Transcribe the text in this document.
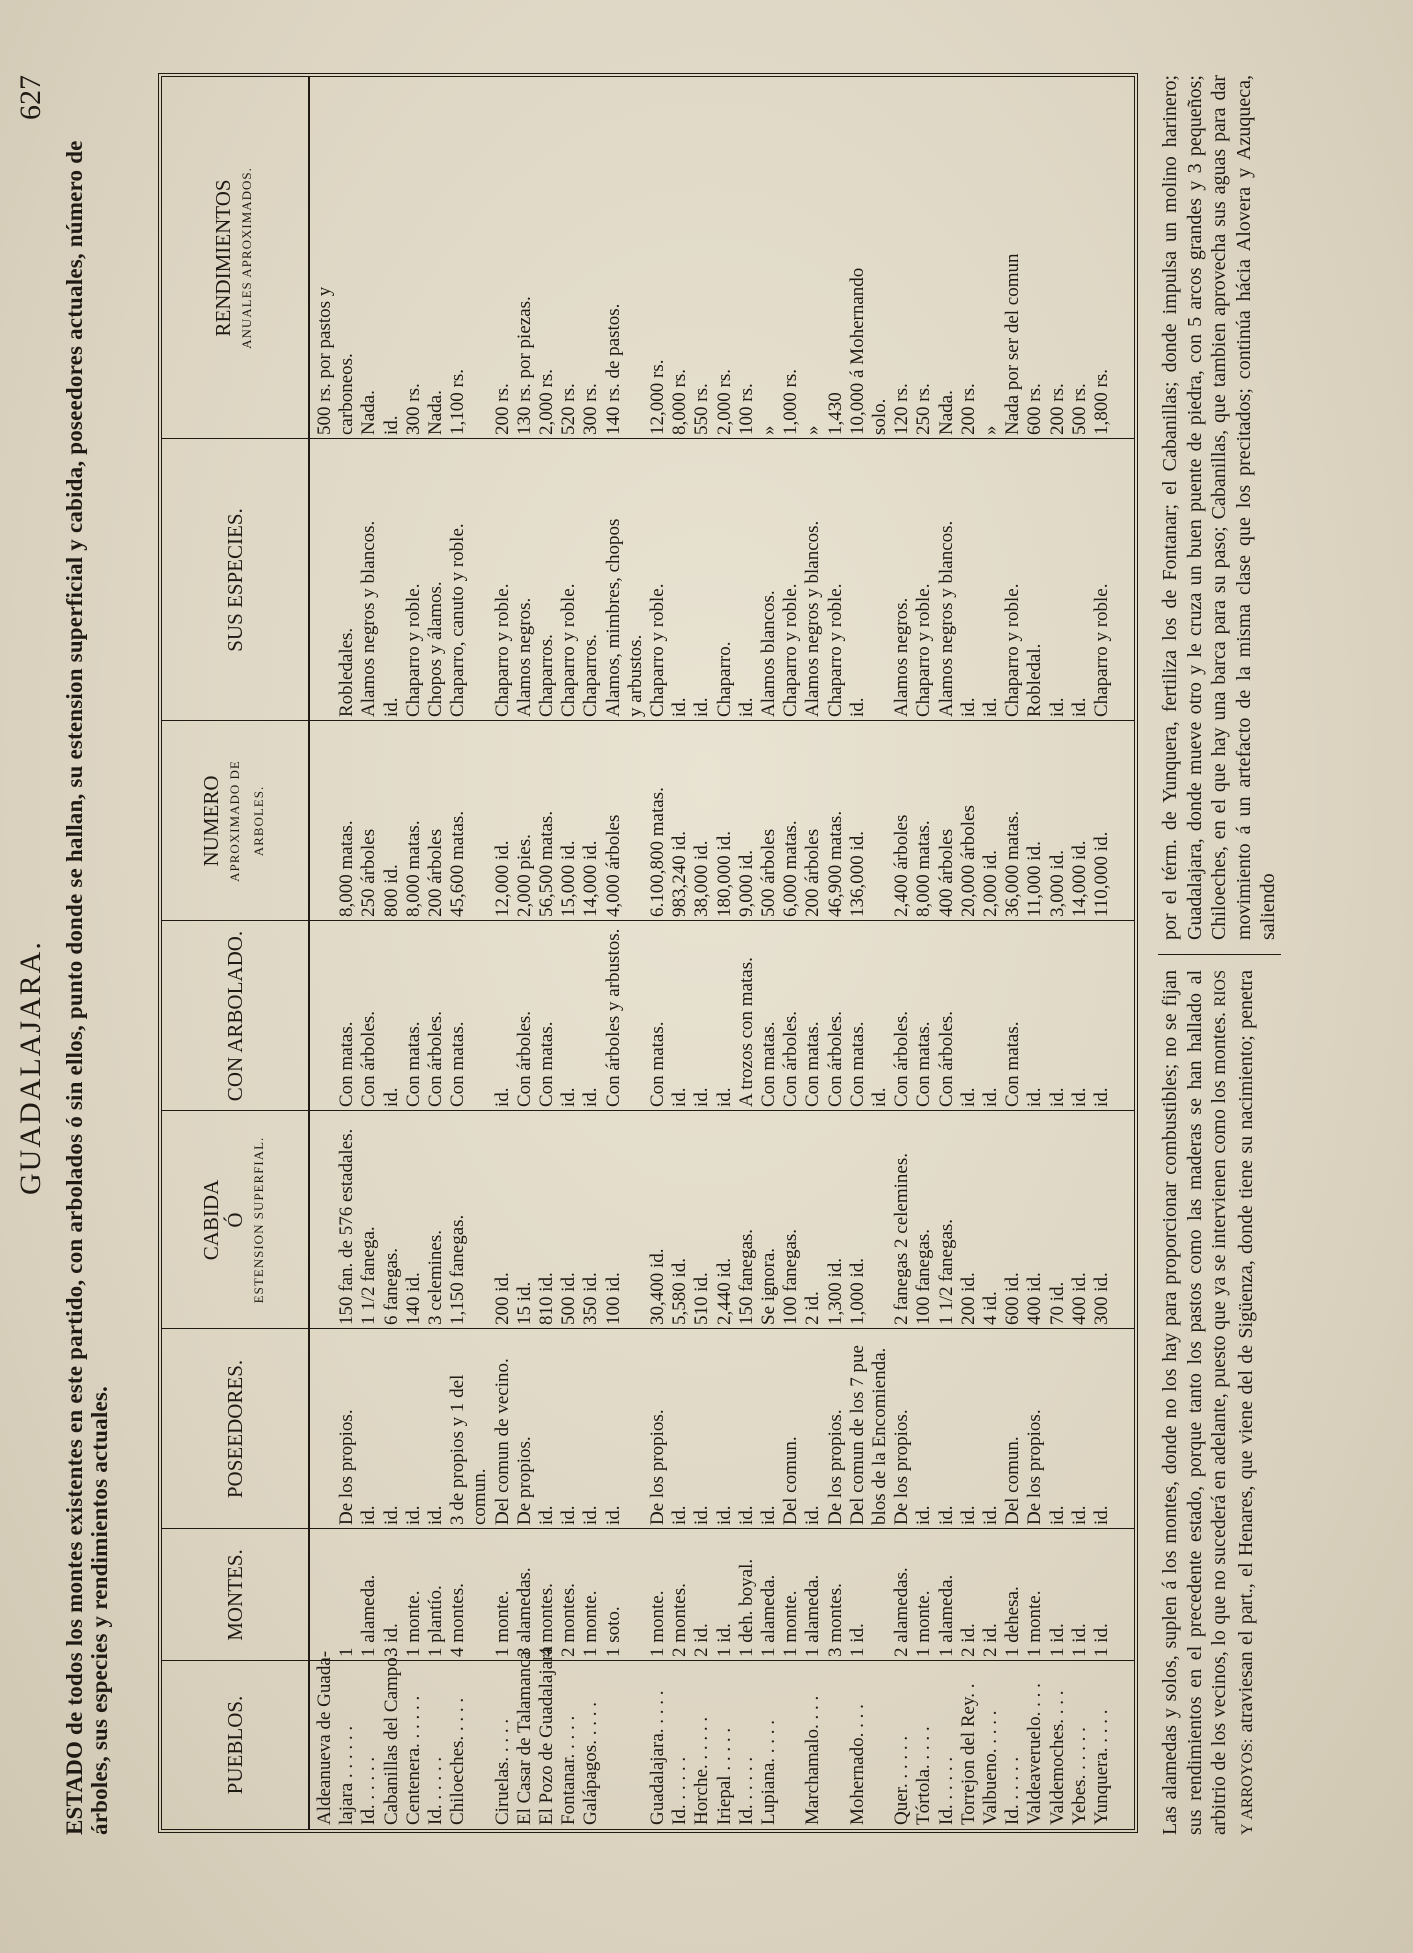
GUADALAJARA.
627
ESTADO de todos los montes existentes en este partido, con arbolados ó sin ellos, punto donde se hallan, su estension superficial y cabida, poseedores actuales, número de árboles, sus especies y rendimientos actuales.	PUEBLOS.
MONTES.
POSEEDORES.
CABIDA Ó ESTENSION SUPERFIAL.
CON ARBOLADO.
NUMERO APROXIMADO DE ARBOLES.
SUS ESPECIES.
RENDIMIENTOS ANUALES APROXIMADOS.
Aldeanueva de Guada-
500 rs. por pastos y
lajara . . . . . .
1
De los propios.
150 fan. de 576 estadales.
Con matas.
8,000 matas.
Robledales.
carboneos.
Id. . . . . .
1 alameda.
id.
1 1/2 fanega.
Con árboles.
250 árboles
Alamos negros y blancos.
Nada.
Cabanillas del Campo.
3 id.
id.
6 fanegas.
id.
800 id.
id.
id.
Centenera. . . . . .
1 monte.
id.
140 id.
Con matas.
8,000 matas.
Chaparro y roble.
300 rs.
Id. . . . . .
1 plantío.
id.
3 celemines.
Con árboles.
200 árboles
Chopos y álamos.
Nada.
Chiloeches. . . . .
4 montes.
3 de propios y 1 del
1,150 fanegas.
Con matas.
45,600 matas.
Chaparro, canuto y roble.
1,100 rs.
comun.
Ciruelas. . . . .
1 monte.
Del comun de vecino.
200 id.
id.
12,000 id.
Chaparro y roble.
200 rs.
El Casar de Talamanca
3 alamedas.
De propios.
15 id.
Con árboles.
2,000 pies.
Alamos negros.
130 rs. por piezas.
El Pozo de Guadalajara
4 montes.
id.
810 id.
Con matas.
56,500 matas.
Chaparros.
2,000 rs.
Fontanar. . . . .
2 montes.
id.
500 id.
id.
15,000 id.
Chaparro y roble.
520 rs.
Galápagos. . . . .
1 monte.
id.
350 id.
id.
14,000 id.
Chaparros.
300 rs.
1 soto.
id.
100 id.
Con árboles y arbustos.
4,000 árboles
Alamos, mimbres, chopos
140 rs. de pastos.
y arbustos.
Guadalajara. . . . .
1 monte.
De los propios.
30,400 id.
Con matas.
6.100,800 matas.
Chaparro y roble.
12,000 rs.
Id. . . . . .
2 montes.
id.
5,580 id.
id.
983,240 id.
id.
8,000 rs.
Horche. . . . . .
2 id.
id.
510 id.
id.
38,000 id.
id.
550 rs.
Iriepal . . . . .
1 id.
id.
2,440 id.
id.
180,000 id.
Chaparro.
2,000 rs.
Id. . . . . .
1 deh. boyal.
id.
150 fanegas.
A trozos con matas.
9,000 id.
id.
100 rs.
Lupiana. . . . .
1 alameda.
id.
Se ignora.
Con matas.
500 árboles
Alamos blancos.
»
1 monte.
Del comun.
100 fanegas.
Con árboles.
6,000 matas.
Chaparro y roble.
1,000 rs.
Marchamalo. . . .
1 alameda.
id.
2 id.
Con matas.
200 árboles
Alamos negros y blancos.
»
3 montes.
De los propios.
1,300 id.
Con árboles.
46,900 matas.
Chaparro y roble.
1,430
Mohernado. . . .
1 id.
Del comun de los 7 pue
1,000 id.
Con matas.
136,000 id.
id.
10,000 á Mohernando
blos de la Encomienda.
id.
solo.
Quer. . . . . .
2 alamedas.
De los propios.
2 fanegas 2 celemines.
Con árboles.
2,400 árboles
Alamos negros.
120 rs.
Tórtola. . . . .
1 monte.
id.
100 fanegas.
Con matas.
8,000 matas.
Chaparro y roble.
250 rs.
Id. . . . . .
1 alameda.
id.
1 1/2 fanegas.
Con árboles.
400 árboles
Alamos negros y blancos.
Nada.
Torrejon del Rey. .
2 id.
id.
200 id.
id.
20,000 árboles
id.
200 rs.
Valbueno. . . . .
2 id.
id.
4 id.
id.
2,000 id.
id.
»
Id. . . . . .
1 dehesa.
Del comun.
600 id.
Con matas.
36,000 matas.
Chaparro y roble.
Nada por ser del comun
Valdeaveruelo. . . .
1 monte.
De los propios.
400 id.
id.
11,000 id.
Robledal.
600 rs.
Valdemoches. . . .
1 id.
id.
70 id.
id.
3,000 id.
id.
200 rs.
Yebes. . . . . .
1 id.
id.
400 id.
id.
14,000 id.
id.
500 rs.
Yunquera. . . . .
1 id.
id.
300 id.
id.
110,000 id.
Chaparro y roble.
1,800 rs.
Las alamedas y solos, suplen á los montes, donde no los hay para proporcionar combustibles; no se fijan sus rendimientos en el precedente estado, porque tanto los pastos como las maderas se han hallado al arbitrio de los vecinos, lo que no sucederá en adelante, puesto que ya se intervienen como los montes. RIOS Y ARROYOS: atraviesan el part., el Henares, que viene del de Sigüenza, donde tiene su nacimiento; penetra por el térm. de Yunquera, fertiliza los de Fontanar; el Cabanillas; donde impulsa un molino harinero; Guadalajara, donde mueve otro y le cruza un buen puente de piedra, con 5 arcos grandes y 3 pequeños; Chiloeches, en el que hay una barca para su paso; Cabanillas, que tambien aprovecha sus aguas para dar movimiento á un artefacto de la misma clase que los precitados; continúa hácia Alovera y Azuqueca, saliendo
